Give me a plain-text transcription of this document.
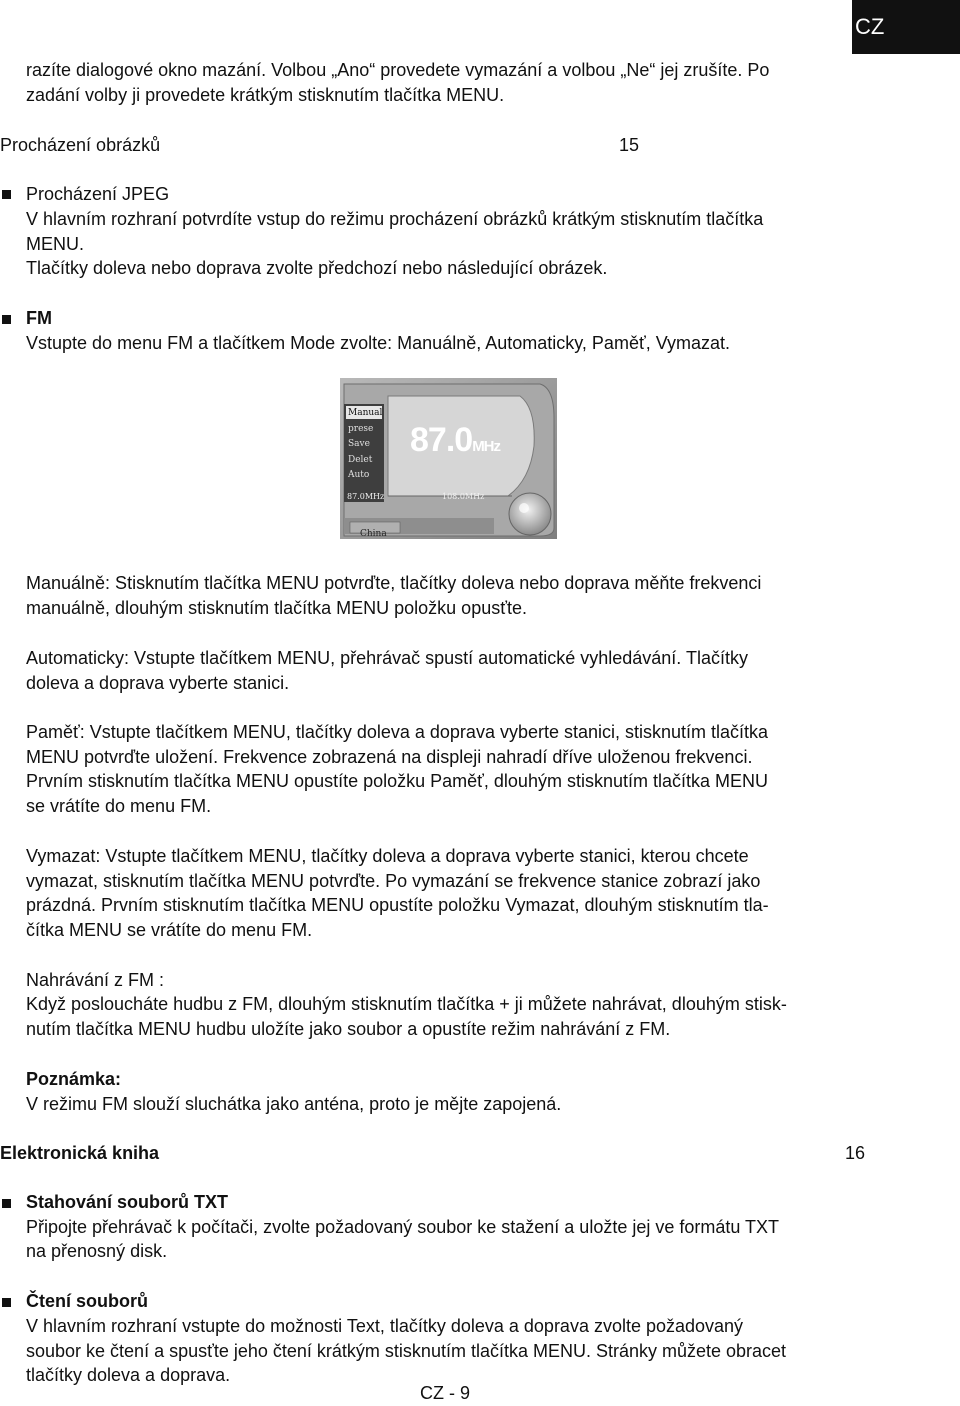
CZ
razíte dialogové okno mazání. Volbou „Ano“ provedete vymazání a volbou „Ne“ jej zrušíte. Po
zadání volby ji provedete krátkým stisknutím tlačítka MENU.
Procházení obrázků	15
Procházení JPEG
V hlavním rozhraní potvrdíte vstup do režimu procházení obrázků krátkým stisknutím tlačítka
MENU.
Tlačítky doleva nebo doprava zvolte předchozí nebo následující obrázek.
FM
Vstupte do menu FM a tlačítkem Mode zvolte: Manuálně, Automaticky, Paměť, Vymazat.
Manual
prese
Save
Delet
Auto
87.0MHz	108.0MHz
87.0MHz
China
Manuálně: Stisknutím tlačítka MENU potvrďte, tlačítky doleva nebo doprava měňte frekvenci
manuálně, dlouhým stisknutím tlačítka MENU položku opusťte.
Automaticky: Vstupte tlačítkem MENU, přehrávač spustí automatické vyhledávání. Tlačítky
doleva a doprava vyberte stanici.
Paměť: Vstupte tlačítkem MENU, tlačítky doleva a doprava vyberte stanici, stisknutím tlačítka
MENU potvrďte uložení. Frekvence zobrazená na displeji nahradí dříve uloženou frekvenci.
Prvním stisknutím tlačítka MENU opustíte položku Paměť, dlouhým stisknutím tlačítka MENU
se vrátíte do menu FM.
Vymazat: Vstupte tlačítkem MENU, tlačítky doleva a doprava vyberte stanici, kterou chcete
vymazat, stisknutím tlačítka MENU potvrďte. Po vymazání se frekvence stanice zobrazí jako
prázdná. Prvním stisknutím tlačítka MENU opustíte položku Vymazat, dlouhým stisknutím tla-
čítka MENU se vrátíte do menu FM.
Nahrávání z FM :
Když posloucháte hudbu z FM, dlouhým stisknutím tlačítka + ji můžete nahrávat, dlouhým stisk-
nutím tlačítka MENU hudbu uložíte jako soubor a opustíte režim nahrávání z FM.
Poznámka:
V režimu FM slouží sluchátka jako anténa, proto je mějte zapojená.
Elektronická kniha	16
Stahování souborů TXT
Připojte přehrávač k počítači, zvolte požadovaný soubor ke stažení a uložte jej ve formátu TXT
na přenosný disk.
Čtení souborů
V hlavním rozhraní vstupte do možnosti Text, tlačítky doleva a doprava zvolte požadovaný
soubor ke čtení a spusťte jeho čtení krátkým stisknutím tlačítka MENU. Stránky můžete obracet
tlačítky doleva a doprava.
CZ - 9
